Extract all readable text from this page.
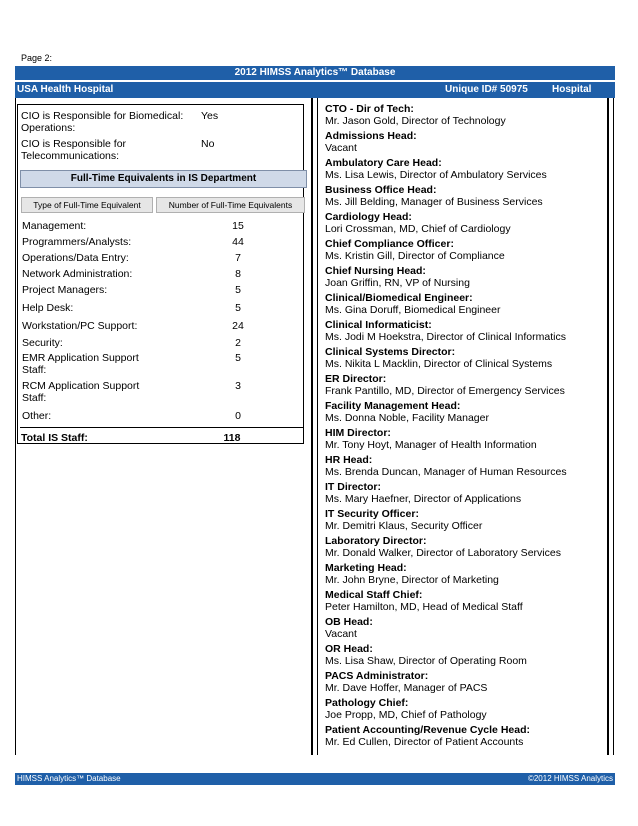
Page 2:
2012 HIMSS Analytics™ Database
USA Health Hospital	Unique ID# 50975 Hospital Profile
CIO is Responsible for Biomedical:
Operations:
Yes
CIO is Responsible for
Telecommunications:
No
Full-Time Equivalents in IS Department
Type of Full-Time Equivalent	Number of Full-Time Equivalents
Management:	15
Programmers/Analysts:	44
Operations/Data Entry:	7
Network Administration:	8
Project Managers:	5
Help Desk:	5
Workstation/PC Support:	24
Security:	2
EMR Application Support
Staff:
5
RCM Application Support
Staff:
3
Other:	0
Total IS Staff:	118
CTO - Dir of Tech:
Mr. Jason Gold, Director of Technology
Admissions Head:
Vacant
Ambulatory Care Head:
Ms. Lisa Lewis, Director of Ambulatory Services
Business Office Head:
Ms. Jill Belding, Manager of Business Services
Cardiology Head:
Lori Crossman, MD, Chief of Cardiology
Chief Compliance Officer:
Ms. Kristin Gill, Director of Compliance
Chief Nursing Head:
Joan Griffin, RN, VP of Nursing
Clinical/Biomedical Engineer:
Ms. Gina Doruff, Biomedical Engineer
Clinical Informaticist:
Ms. Jodi M Hoekstra, Director of Clinical Informatics
Clinical Systems Director:
Ms. Nikita L Macklin, Director of Clinical Systems
ER Director:
Frank Pantillo, MD, Director of Emergency Services
Facility Management Head:
Ms. Donna Noble, Facility Manager
HIM Director:
Mr. Tony Hoyt, Manager of Health Information
HR Head:
Ms. Brenda Duncan, Manager of Human Resources
IT Director:
Ms. Mary Haefner, Director of Applications
IT Security Officer:
Mr. Demitri Klaus, Security Officer
Laboratory Director:
Mr. Donald Walker, Director of Laboratory Services
Marketing Head:
Mr. John Bryne, Director of Marketing
Medical Staff Chief:
Peter Hamilton, MD, Head of Medical Staff
OB Head:
Vacant
OR Head:
Ms. Lisa Shaw, Director of Operating Room
PACS Administrator:
Mr. Dave Hoffer, Manager of PACS
Pathology Chief:
Joe Propp, MD, Chief of Pathology
Patient Accounting/Revenue Cycle Head:
Mr. Ed Cullen, Director of Patient Accounts
HIMSS Analytics™ Database	©2012 HIMSS Analytics
